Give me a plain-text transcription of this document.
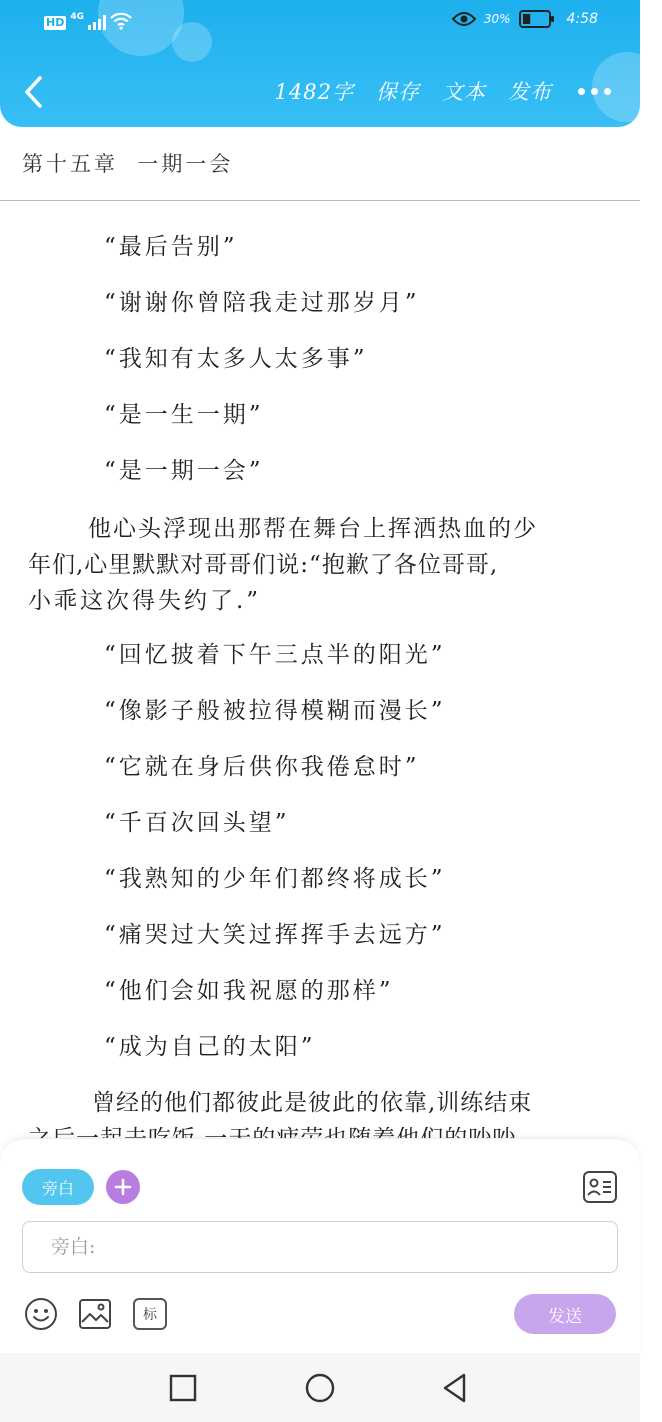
HD 4G	30%	4:58
1482字 保存 文本 发布
第十五章  一期一会
“最后告别”
“谢谢你曾陪我走过那岁月”
“我知有太多人太多事”
“是一生一期”
“是一期一会”
他心头浮现出那帮在舞台上挥洒热血的少
年们,心里默默对哥哥们说:“抱歉了各位哥哥,
小乖这次得失约了.”
“回忆披着下午三点半的阳光”
“像影子般被拉得模糊而漫长”
“它就在身后供你我倦怠时”
“千百次回头望”
“我熟知的少年们都终将成长”
“痛哭过大笑过挥挥手去远方”
“他们会如我祝愿的那样”
“成为自己的太阳”
曾经的他们都彼此是彼此的依靠,训练结束
旁白
旁白:
标	发送
